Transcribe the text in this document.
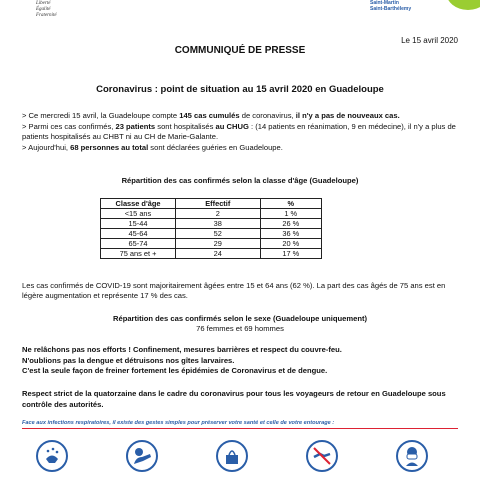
Liberté
Égalité
Fraternité
Saint-Martin
Saint-Barthélemy
Le 15 avril 2020
COMMUNIQUÉ DE PRESSE
Coronavirus : point de situation au 15 avril 2020 en Guadeloupe

> Ce mercredi 15 avril, la Guadeloupe compte 145 cas cumulés de coronavirus, il n'y a pas de nouveaux cas.

> Parmi ces cas confirmés, 23 patients sont hospitalisés au CHUG : (14 patients en réanimation, 9 en médecine), il n'y a plus de patients hospitalisés au CHBT ni au CH de Marie-Galante.

> Aujourd'hui, 68 personnes au total sont déclarées guéries en Guadeloupe.

Répartition des cas confirmés selon la classe d'âge (Guadeloupe)
Classe d'âge	Effectif	%
<15 ans	2	1 %
15-44	38	26 %
45-64	52	36 %
65-74	29	20 %
75 ans et +	24	17 %
Les cas confirmés de COVID-19 sont majoritairement âgées entre 15 et 64 ans (62 %). La part des cas âgés de 75 ans est en légère augmentation et représente 17 % des cas.
Répartition des cas confirmés selon le sexe (Guadeloupe uniquement)
76 femmes et 69 hommes

Ne relâchons pas nos efforts ! Confinement, mesures barrières et respect du couvre-feu.

N'oublions pas la dengue et détruisons nos gîtes larvaires.

C'est la seule façon de freiner fortement les épidémies de Coronavirus et de dengue.

Respect strict de la quatorzaine dans le cadre du coronavirus pour tous les voyageurs de retour en Guadeloupe sous contrôle des autorités.
Face aux infections respiratoires, il existe des gestes simples pour préserver votre santé et celle de votre entourage :
